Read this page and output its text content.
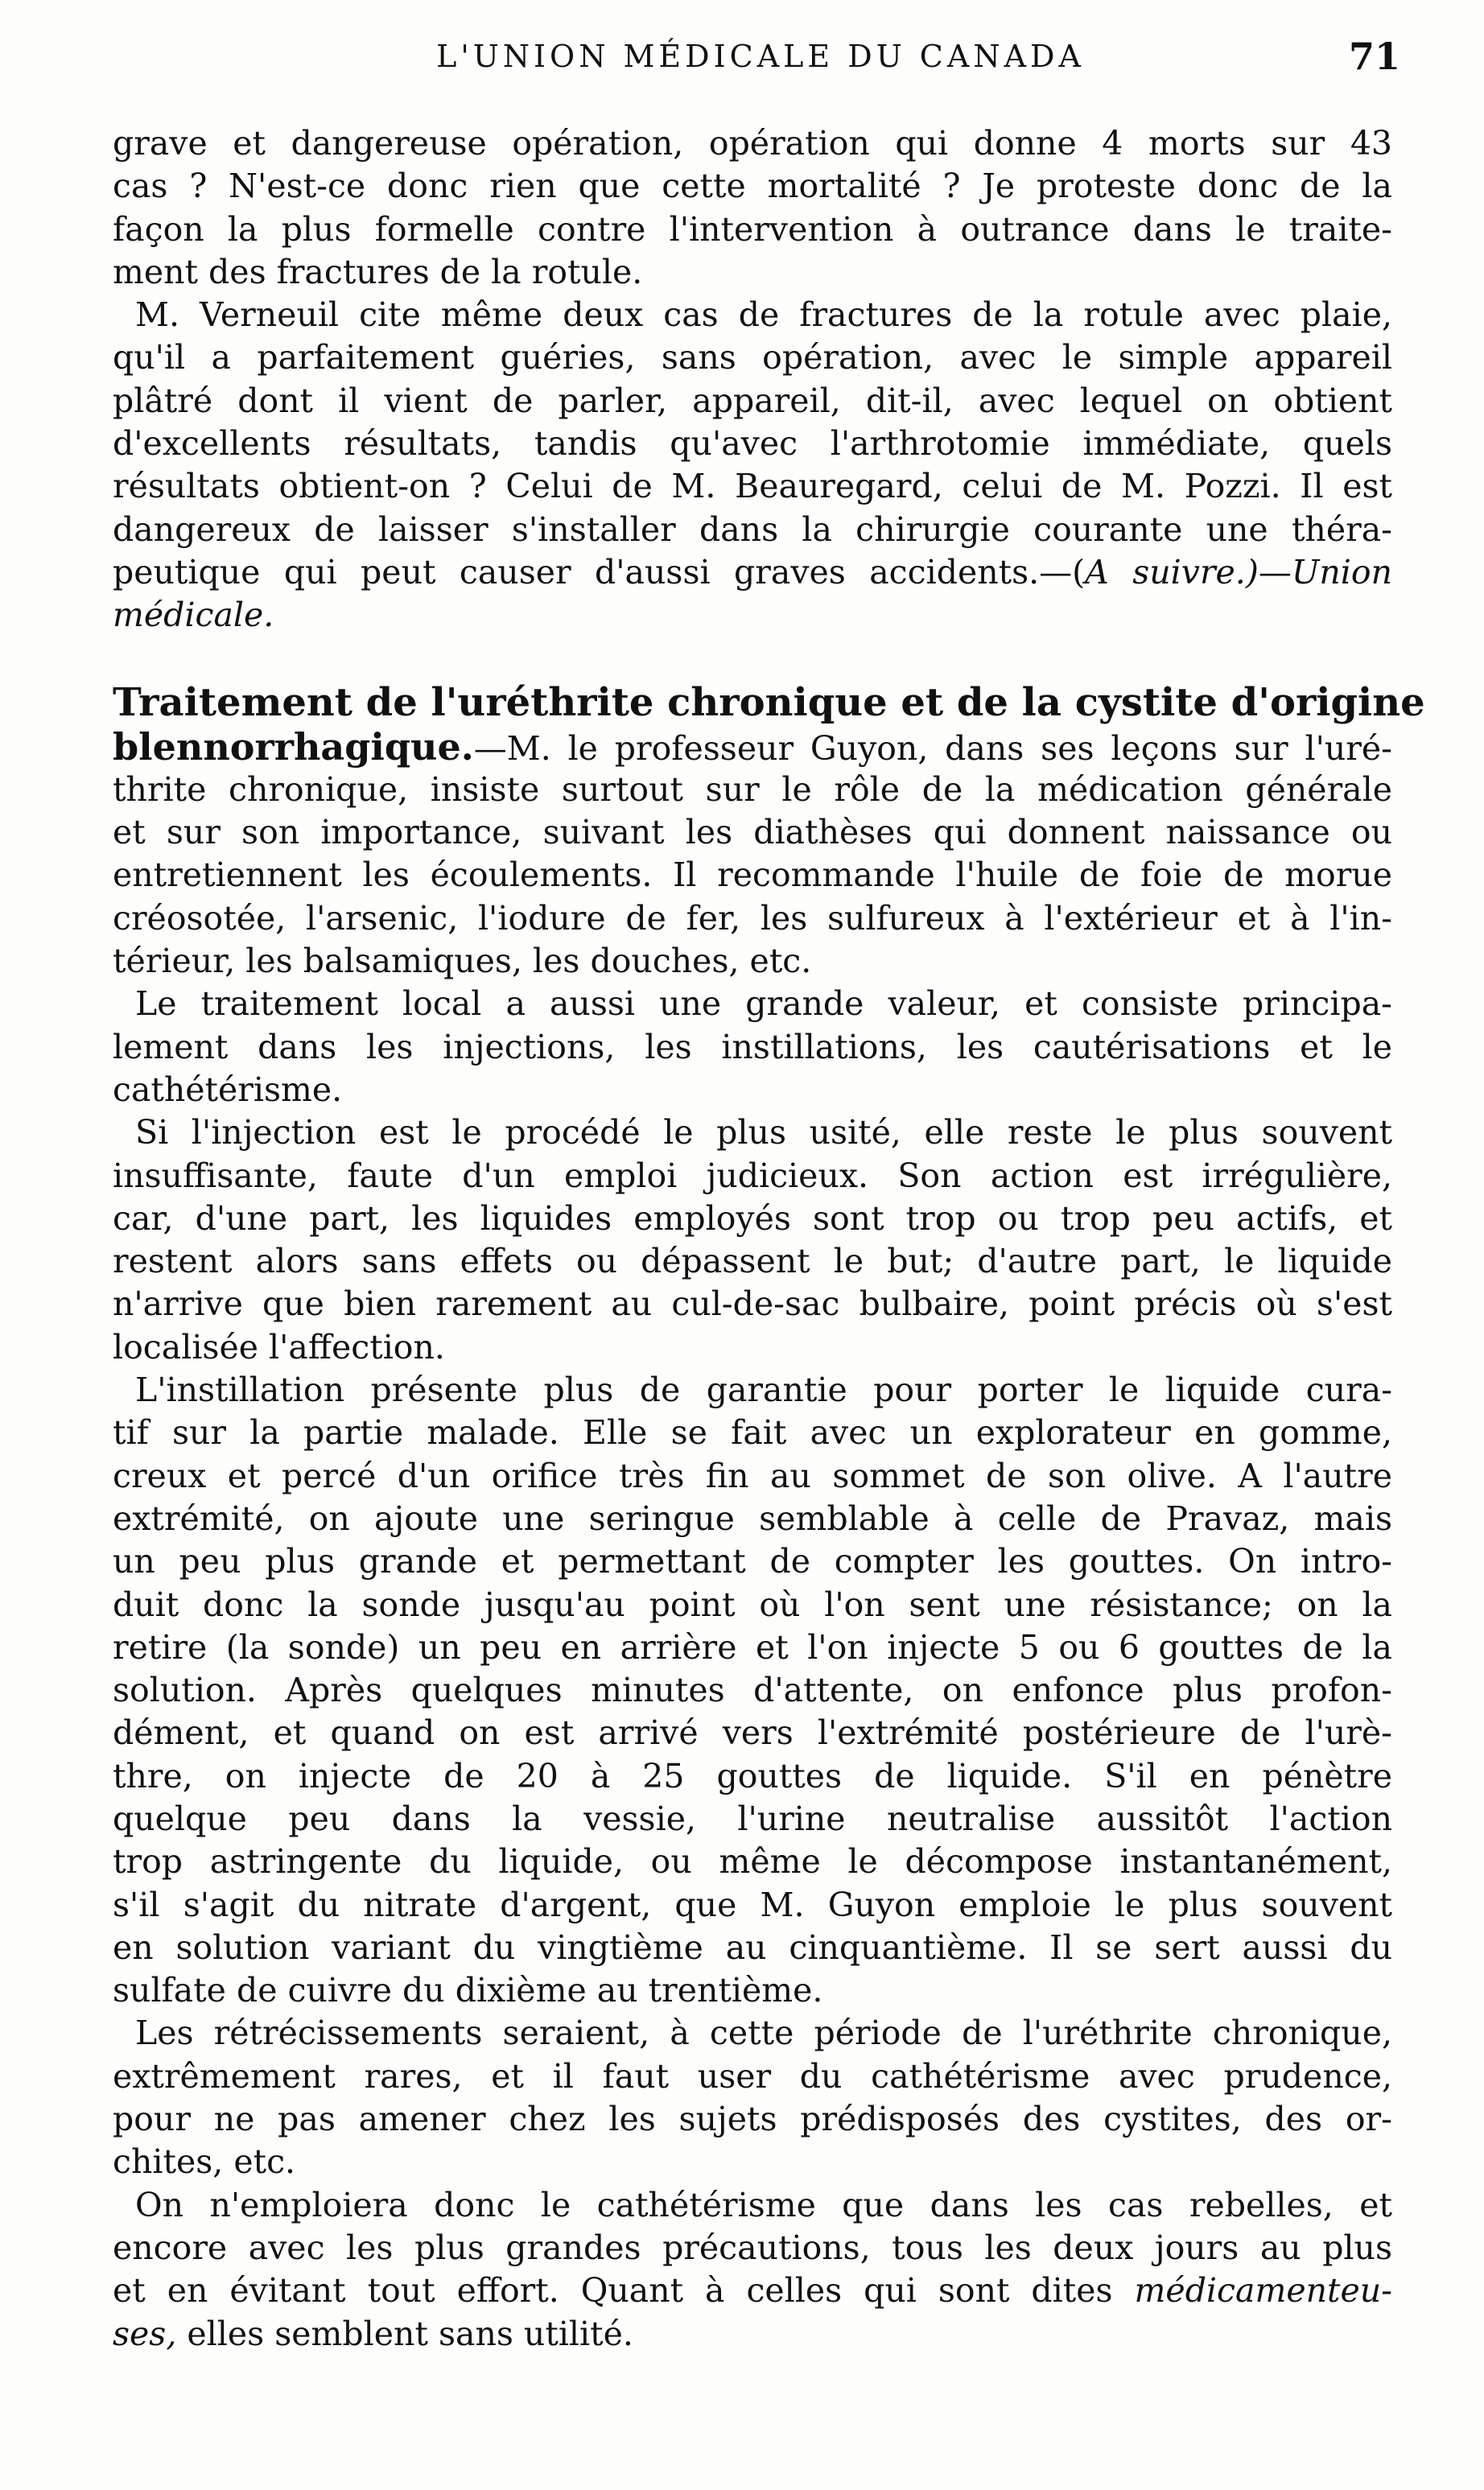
L'UNION MÉDICALE DU CANADA	71
grave et dangereuse opération, opération qui donne 4 morts sur 43
cas ? N'est-ce donc rien que cette mortalité ? Je proteste donc de la
façon la plus formelle contre l'intervention à outrance dans le traite-
ment des fractures de la rotule.
M. Verneuil cite même deux cas de fractures de la rotule avec plaie,
qu'il a parfaitement guéries, sans opération, avec le simple appareil
plâtré dont il vient de parler, appareil, dit-il, avec lequel on obtient
d'excellents résultats, tandis qu'avec l'arthrotomie immédiate, quels
résultats obtient-on ? Celui de M. Beauregard, celui de M. Pozzi. Il est
dangereux de laisser s'installer dans la chirurgie courante une théra-
peutique qui peut causer d'aussi graves accidents.—(A suivre.)—Union
médicale.
Traitement de l'uréthrite chronique et de la cystite d'origine
blennorrhagique.—M. le professeur Guyon, dans ses leçons sur l'uré-
thrite chronique, insiste surtout sur le rôle de la médication générale
et sur son importance, suivant les diathèses qui donnent naissance ou
entretiennent les écoulements. Il recommande l'huile de foie de morue
créosotée, l'arsenic, l'iodure de fer, les sulfureux à l'extérieur et à l'in-
térieur, les balsamiques, les douches, etc.
Le traitement local a aussi une grande valeur, et consiste principa-
lement dans les injections, les instillations, les cautérisations et le
cathétérisme.
Si l'injection est le procédé le plus usité, elle reste le plus souvent
insuffisante, faute d'un emploi judicieux. Son action est irrégulière,
car, d'une part, les liquides employés sont trop ou trop peu actifs, et
restent alors sans effets ou dépassent le but; d'autre part, le liquide
n'arrive que bien rarement au cul-de-sac bulbaire, point précis où s'est
localisée l'affection.
L'instillation présente plus de garantie pour porter le liquide cura-
tif sur la partie malade. Elle se fait avec un explorateur en gomme,
creux et percé d'un orifice très fin au sommet de son olive. A l'autre
extrémité, on ajoute une seringue semblable à celle de Pravaz, mais
un peu plus grande et permettant de compter les gouttes. On intro-
duit donc la sonde jusqu'au point où l'on sent une résistance; on la
retire (la sonde) un peu en arrière et l'on injecte 5 ou 6 gouttes de la
solution. Après quelques minutes d'attente, on enfonce plus profon-
dément, et quand on est arrivé vers l'extrémité postérieure de l'urè-
thre, on injecte de 20 à 25 gouttes de liquide. S'il en pénètre
quelque peu dans la vessie, l'urine neutralise aussitôt l'action
trop astringente du liquide, ou même le décompose instantanément,
s'il s'agit du nitrate d'argent, que M. Guyon emploie le plus souvent
en solution variant du vingtième au cinquantième. Il se sert aussi du
sulfate de cuivre du dixième au trentième.
Les rétrécissements seraient, à cette période de l'uréthrite chronique,
extrêmement rares, et il faut user du cathétérisme avec prudence,
pour ne pas amener chez les sujets prédisposés des cystites, des or-
chites, etc.
On n'emploiera donc le cathétérisme que dans les cas rebelles, et
encore avec les plus grandes précautions, tous les deux jours au plus
et en évitant tout effort. Quant à celles qui sont dites médicamenteu-
ses, elles semblent sans utilité.
